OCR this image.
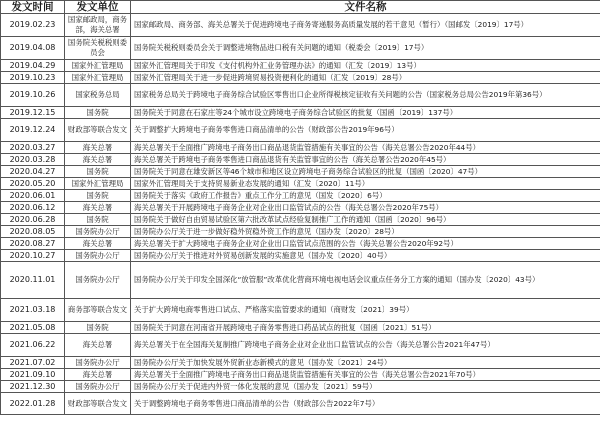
发文时间	发文单位	文件名称
2019.02.23	国家邮政局，商务部，海关总署	国家邮政局、商务部、海关总署关于促进跨境电子商务寄递服务高质量发展的若干意见（暂行）（国邮发〔2019〕17号）
2019.04.08	国务院关税税则委员会	国务院关税税则委员会关于调整进境物品进口税有关问题的通知（税委会〔2019〕17号）
2019.04.29	国家外汇管理局	国家外汇管理局关于印发《支付机构外汇业务管理办法》的通知（汇发〔2019〕13号）
2019.10.23	国家外汇管理局	国家外汇管理局关于进一步促进跨境贸易投资便利化的通知（汇发〔2019〕28号）
2019.10.26	国家税务总局	国家税务总局关于跨境电子商务综合试验区零售出口企业所得税核定征收有关问题的公告（国家税务总局公告2019年第36号）
2019.12.15	国务院	国务院关于同意在石家庄等24个城市设立跨境电子商务综合试验区的批复（国函〔2019〕137号）
2019.12.24	财政部等联合发文	关于调整扩大跨境电子商务零售进口商品清单的公告（财政部公告2019年96号）
2020.03.27	海关总署	海关总署关于全面推广跨境电子商务出口商品退货监管措施有关事宜的公告（海关总署公告2020年44号）
2020.03.28	海关总署	海关总署关于跨境电子商务零售进口商品退货有关监管事宜的公告（海关总署公告2020年45号）
2020.04.27	国务院	国务院关于同意在雄安新区等46个城市和地区设立跨境电子商务综合试验区的批复（国函〔2020〕47号）
2020.05.20	国家外汇管理局	国家外汇管理局关于支持贸易新业态发展的通知（汇发〔2020〕11号）
2020.06.01	国务院	国务院关于落实《政府工作报告》重点工作分工的意见（国发〔2020〕6号）
2020.06.12	海关总署	海关总署关于开展跨境电子商务企业对企业出口监管试点的公告（海关总署公告2020年75号）
2020.06.28	国务院	国务院关于做好自由贸易试验区第六批改革试点经验复制推广工作的通知（国函〔2020〕96号）
2020.08.05	国务院办公厅	国务院办公厅关于进一步做好稳外贸稳外资工作的意见（国办发〔2020〕28号）
2020.08.27	海关总署	海关总署关于扩大跨境电子商务企业对企业出口监管试点范围的公告（海关总署公告2020年92号）
2020.10.27	国务院办公厅	国务院办公厅关于推进对外贸易创新发展的实施意见（国办发〔2020〕40号）
2020.11.01	国务院办公厅	国务院办公厅关于印发全国深化“放管服”改革优化营商环境电视电话会议重点任务分工方案的通知（国办发〔2020〕43号）
2021.03.18	商务部等联合发文	关于扩大跨境电商零售进口试点、严格落实监管要求的通知（商财发〔2021〕39号）
2021.05.08	国务院	国务院关于同意在河南省开展跨境电子商务零售进口药品试点的批复（国函〔2021〕51号）
2021.06.22	海关总署	海关总署关于在全国海关复制推广跨境电子商务企业对企业出口监管试点的公告（海关总署公告2021年47号）
2021.07.02	国务院办公厅	国务院办公厅关于加快发展外贸新业态新模式的意见（国办发〔2021〕24号）
2021.09.10	海关总署	海关总署关于全面推广跨境电子商务出口商品退货监管措施有关事宜的公告（海关总署公告2021年70号）
2021.12.30	国务院办公厅	国务院办公厅关于促进内外贸一体化发展的意见（国办发〔2021〕59号）
2022.01.28	财政部等联合发文	关于调整跨境电子商务零售进口商品清单的公告（财政部公告2022年7号）
